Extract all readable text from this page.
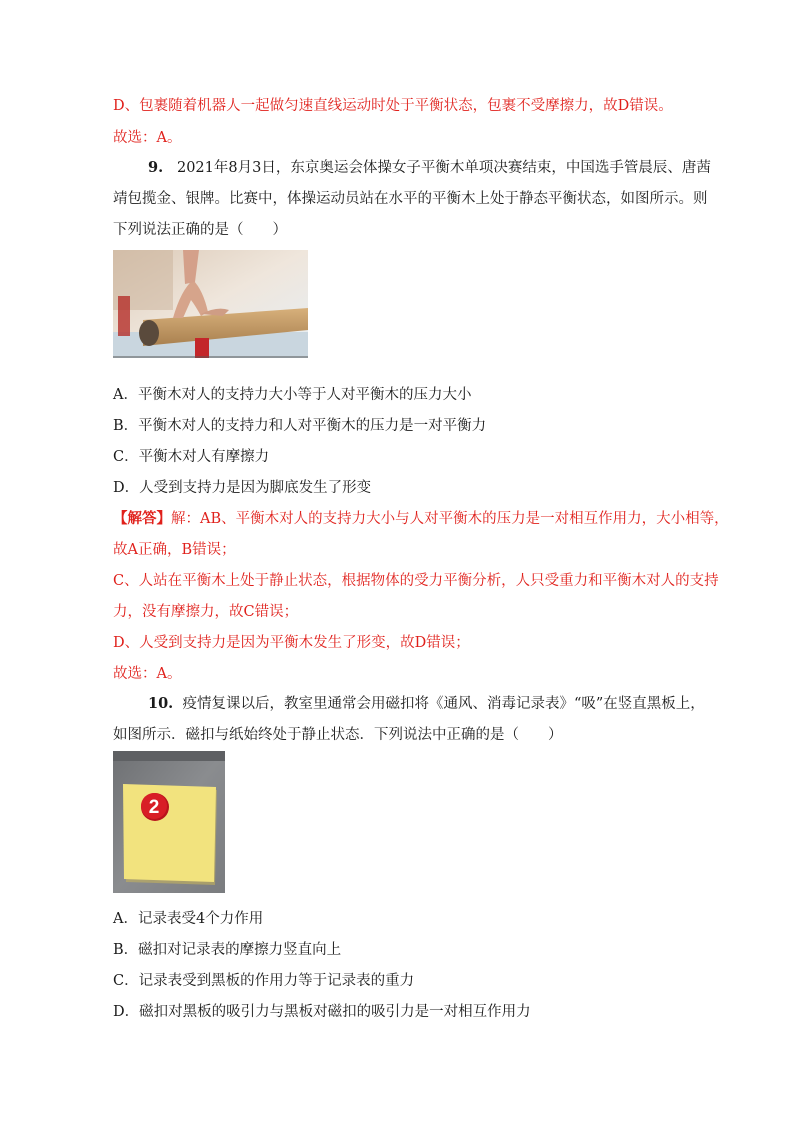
D、包裹随着机器人一起做匀速直线运动时处于平衡状态，包裹不受摩擦力，故D错误。
故选：A。
9. 2021年8月3日，东京奥运会体操女子平衡木单项决赛结束，中国选手管晨辰、唐茜
靖包揽金、银牌。比赛中，体操运动员站在水平的平衡木上处于静态平衡状态，如图所示。则
下列说法正确的是（　　）
A．平衡木对人的支持力大小等于人对平衡木的压力大小
B．平衡木对人的支持力和人对平衡木的压力是一对平衡力
C．平衡木对人有摩擦力
D．人受到支持力是因为脚底发生了形变
【解答】解：AB、平衡木对人的支持力大小与人对平衡木的压力是一对相互作用力，大小相等，
故A正确，B错误；
C、人站在平衡木上处于静止状态，根据物体的受力平衡分析，人只受重力和平衡木对人的支持
力，没有摩擦力，故C错误；
D、人受到支持力是因为平衡木发生了形变，故D错误；
故选：A。
10. 疫情复课以后，教室里通常会用磁扣将《通风、消毒记录表》“吸”在竖直黑板上，
如图所示．磁扣与纸始终处于静止状态．下列说法中正确的是（　　）
2
A．记录表受4个力作用
B．磁扣对记录表的摩擦力竖直向上
C．记录表受到黑板的作用力等于记录表的重力
D．磁扣对黑板的吸引力与黑板对磁扣的吸引力是一对相互作用力
